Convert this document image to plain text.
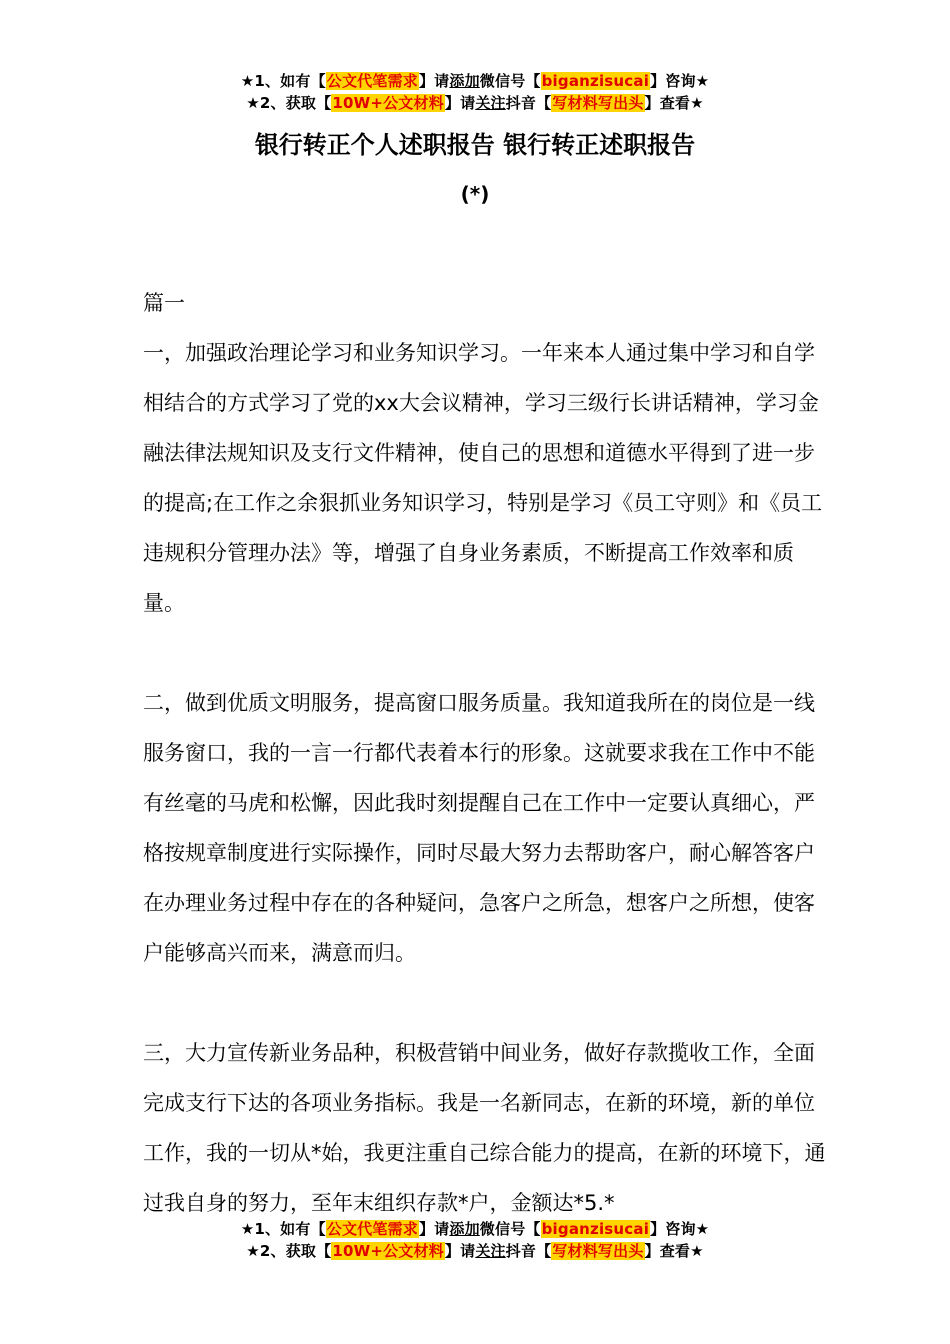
★1、如有【公文代笔需求】请添加微信号【biganzisucai】咨询★
★2、获取【10W+公文材料】请关注抖音【写材料写出头】查看★
银行转正个人述职报告 银行转正述职报告
(*)

篇一

一，加强政治理论学习和业务知识学习。一年来本人通过集中学习和自学相结合的方式学习了党的xx大会议精神，学习三级行长讲话精神，学习金融法律法规知识及支行文件精神，使自己的思想和道德水平得到了进一步的提高;在工作之余狠抓业务知识学习，特别是学习《员工守则》和《员工违规积分管理办法》等，增强了自身业务素质，不断提高工作效率和质量。

二，做到优质文明服务，提高窗口服务质量。我知道我所在的岗位是一线服务窗口，我的一言一行都代表着本行的形象。这就要求我在工作中不能有丝毫的马虎和松懈，因此我时刻提醒自己在工作中一定要认真细心，严格按规章制度进行实际操作，同时尽最大努力去帮助客户，耐心解答客户在办理业务过程中存在的各种疑问，急客户之所急，想客户之所想，使客户能够高兴而来，满意而归。

三，大力宣传新业务品种，积极营销中间业务，做好存款揽收工作，全面完成支行下达的各项业务指标。我是一名新同志，在新的环境，新的单位工作，我的一切从*始，我更注重自己综合能力的提高，在新的环境下，通过我自身的努力，至年末组织存款*户，金额达*5.*

★1、如有【公文代笔需求】请添加微信号【biganzisucai】咨询★
★2、获取【10W+公文材料】请关注抖音【写材料写出头】查看★
